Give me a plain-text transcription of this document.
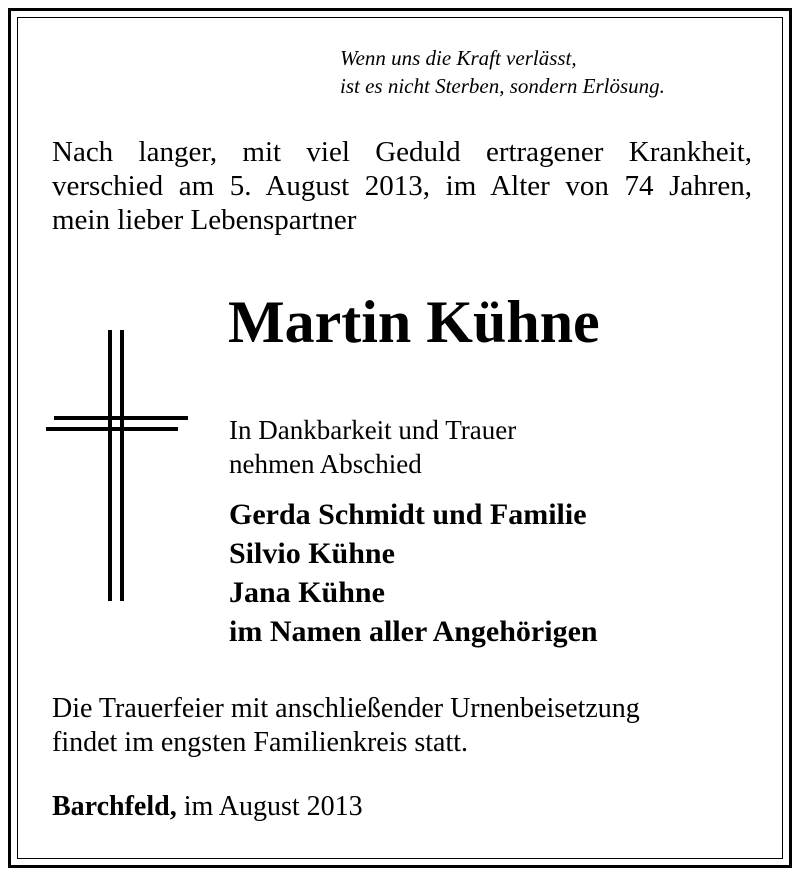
Wenn uns die Kraft verlässt,
ist es nicht Sterben, sondern Erlösung.
Nach langer, mit viel Geduld ertragener Krankheit,
verschied am 5. August 2013, im Alter von 74 Jahren,
mein lieber Lebenspartner
Martin Kühne
In Dankbarkeit und Trauer
nehmen Abschied
Gerda Schmidt und Familie
Silvio Kühne
Jana Kühne
im Namen aller Angehörigen
Die Trauerfeier mit anschließender Urnenbeisetzung
findet im engsten Familienkreis statt.
Barchfeld, im August 2013
